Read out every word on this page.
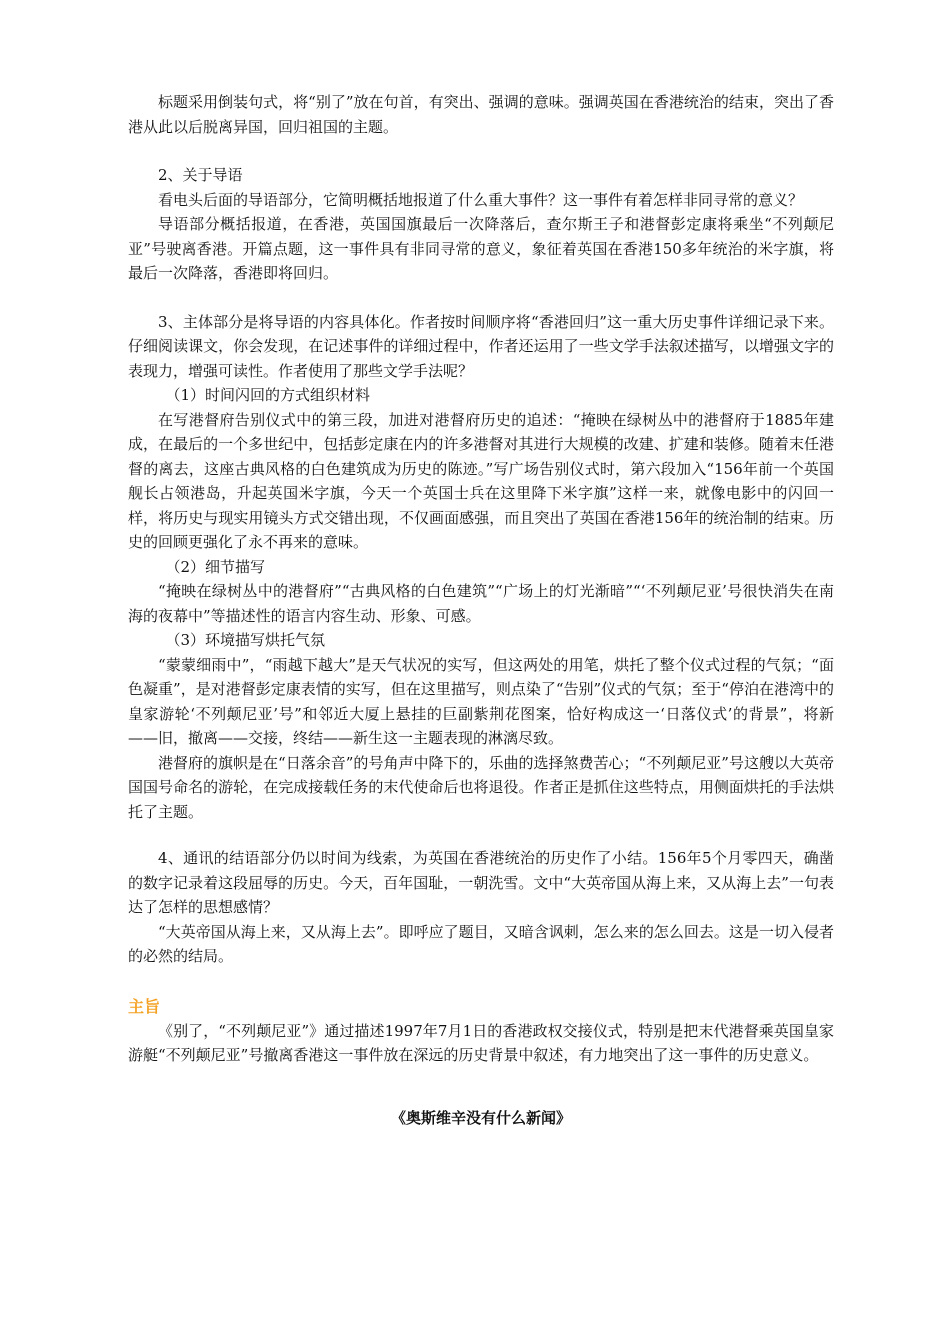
标题采用倒装句式，将“别了”放在句首，有突出、强调的意味。强调英国在香港统治的结束，突出了香港从此以后脱离异国，回归祖国的主题。

2、关于导语

看电头后面的导语部分，它简明概括地报道了什么重大事件？这一事件有着怎样非同寻常的意义？

导语部分概括报道，在香港，英国国旗最后一次降落后，查尔斯王子和港督彭定康将乘坐“不列颠尼亚”号驶离香港。开篇点题，这一事件具有非同寻常的意义，象征着英国在香港150多年统治的米字旗，将最后一次降落，香港即将回归。

3、主体部分是将导语的内容具体化。作者按时间顺序将“香港回归”这一重大历史事件详细记录下来。仔细阅读课文，你会发现，在记述事件的详细过程中，作者还运用了一些文学手法叙述描写，以增强文字的表现力，增强可读性。作者使用了那些文学手法呢？

（1）时间闪回的方式组织材料

在写港督府告别仪式中的第三段，加进对港督府历史的追述：“掩映在绿树丛中的港督府于1885年建成，在最后的一个多世纪中，包括彭定康在内的许多港督对其进行大规模的改建、扩建和装修。随着末任港督的离去，这座古典风格的白色建筑成为历史的陈迹。”写广场告别仪式时，第六段加入“156年前一个英国舰长占领港岛，升起英国米字旗，今天一个英国士兵在这里降下米字旗”这样一来，就像电影中的闪回一样，将历史与现实用镜头方式交错出现，不仅画面感强，而且突出了英国在香港156年的统治制的结束。历史的回顾更强化了永不再来的意味。

（2）细节描写

“掩映在绿树丛中的港督府”“古典风格的白色建筑”“广场上的灯光渐暗”“‘不列颠尼亚’号很快消失在南海的夜幕中”等描述性的语言内容生动、形象、可感。

（3）环境描写烘托气氛

“蒙蒙细雨中”，“雨越下越大”是天气状况的实写，但这两处的用笔，烘托了整个仪式过程的气氛；“面色凝重”，是对港督彭定康表情的实写，但在这里描写，则点染了“告别”仪式的气氛；至于“停泊在港湾中的皇家游轮‘不列颠尼亚’号”和邻近大厦上悬挂的巨副紫荆花图案，恰好构成这一‘日落仪式’的背景”，将新——旧，撤离——交接，终结——新生这一主题表现的淋漓尽致。

港督府的旗帜是在“日落余音”的号角声中降下的，乐曲的选择煞费苦心；“不列颠尼亚”号这艘以大英帝国国号命名的游轮，在完成接载任务的末代使命后也将退役。作者正是抓住这些特点，用侧面烘托的手法烘托了主题。

4、通讯的结语部分仍以时间为线索，为英国在香港统治的历史作了小结。156年5个月零四天，确凿的数字记录着这段屈辱的历史。今天，百年国耻，一朝洗雪。文中“大英帝国从海上来，又从海上去”一句表达了怎样的思想感情？

“大英帝国从海上来，又从海上去”。即呼应了题目，又暗含讽刺，怎么来的怎么回去。这是一切入侵者的必然的结局。

主旨

《别了，“不列颠尼亚”》通过描述1997年7月1日的香港政权交接仪式，特别是把末代港督乘英国皇家游艇“不列颠尼亚”号撤离香港这一事件放在深远的历史背景中叙述，有力地突出了这一事件的历史意义。

《奥斯维辛没有什么新闻》
